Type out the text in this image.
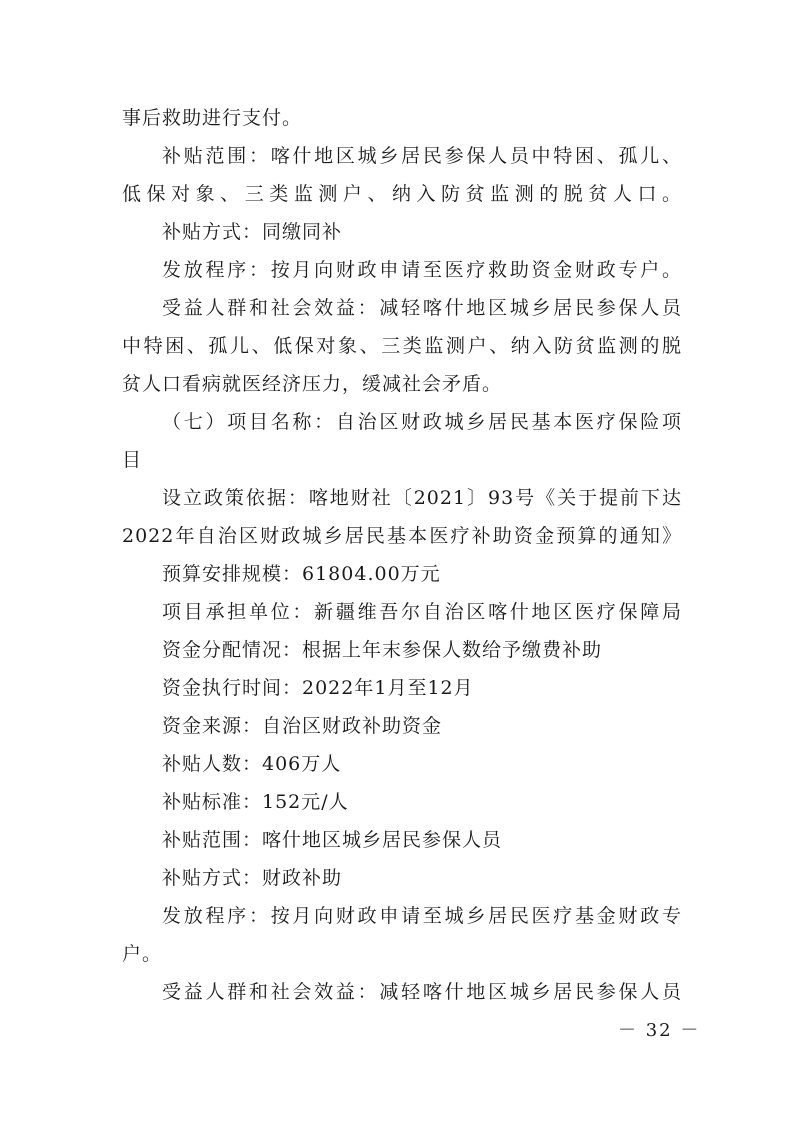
事后救助进行支付。
补贴范围：喀什地区城乡居民参保人员中特困、孤儿、
低保对象、三类监测户、纳入防贫监测的脱贫人口。
补贴方式：同缴同补
发放程序：按月向财政申请至医疗救助资金财政专户。
受益人群和社会效益：减轻喀什地区城乡居民参保人员
中特困、孤儿、低保对象、三类监测户、纳入防贫监测的脱
贫人口看病就医经济压力，缓减社会矛盾。
（七）项目名称：自治区财政城乡居民基本医疗保险项
目
设立政策依据：喀地财社〔2021〕93号《关于提前下达
2022年自治区财政城乡居民基本医疗补助资金预算的通知》
预算安排规模：61804.00万元
项目承担单位：新疆维吾尔自治区喀什地区医疗保障局
资金分配情况：根据上年末参保人数给予缴费补助
资金执行时间：2022年1月至12月
资金来源：自治区财政补助资金
补贴人数：406万人
补贴标准：152元/人
补贴范围：喀什地区城乡居民参保人员
补贴方式：财政补助
发放程序：按月向财政申请至城乡居民医疗基金财政专
户。
受益人群和社会效益：减轻喀什地区城乡居民参保人员
－ 32 －
